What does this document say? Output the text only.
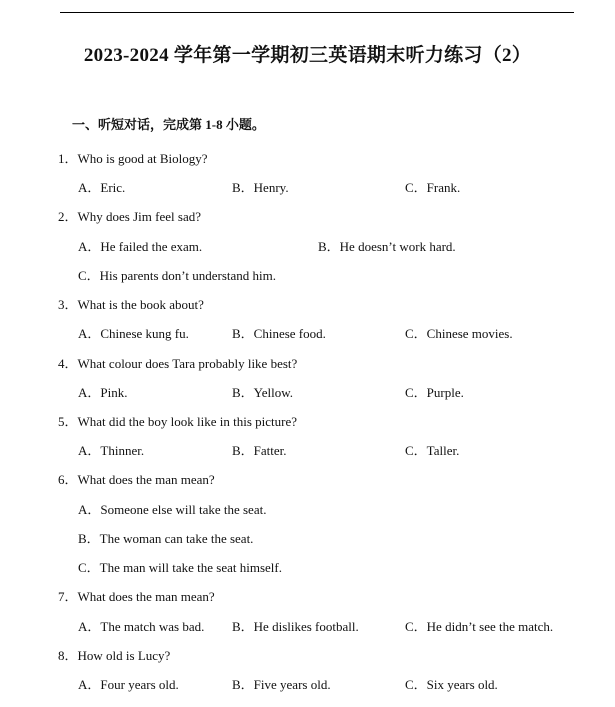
2023-2024 学年第一学期初三英语期末听力练习（2）
一、听短对话，完成第 1-8 小题。
1．Who is good at Biology?
A．Eric.	B．Henry.	C．Frank.
2．Why does Jim feel sad?
A．He failed the exam.	B．He doesn’t work hard.
C．His parents don’t understand him.
3．What is the book about?
A．Chinese kung fu.	B．Chinese food.	C．Chinese movies.
4．What colour does Tara probably like best?
A．Pink.	B．Yellow.	C．Purple.
5．What did the boy look like in this picture?
A．Thinner.	B．Fatter.	C．Taller.
6．What does the man mean?
A．Someone else will take the seat.
B．The woman can take the seat.
C．The man will take the seat himself.
7．What does the man mean?
A．The match was bad. B．He dislikes football.	C．He didn’t see the match.
8．How old is Lucy?
A．Four years old.	B．Five years old.	C．Six years old.
